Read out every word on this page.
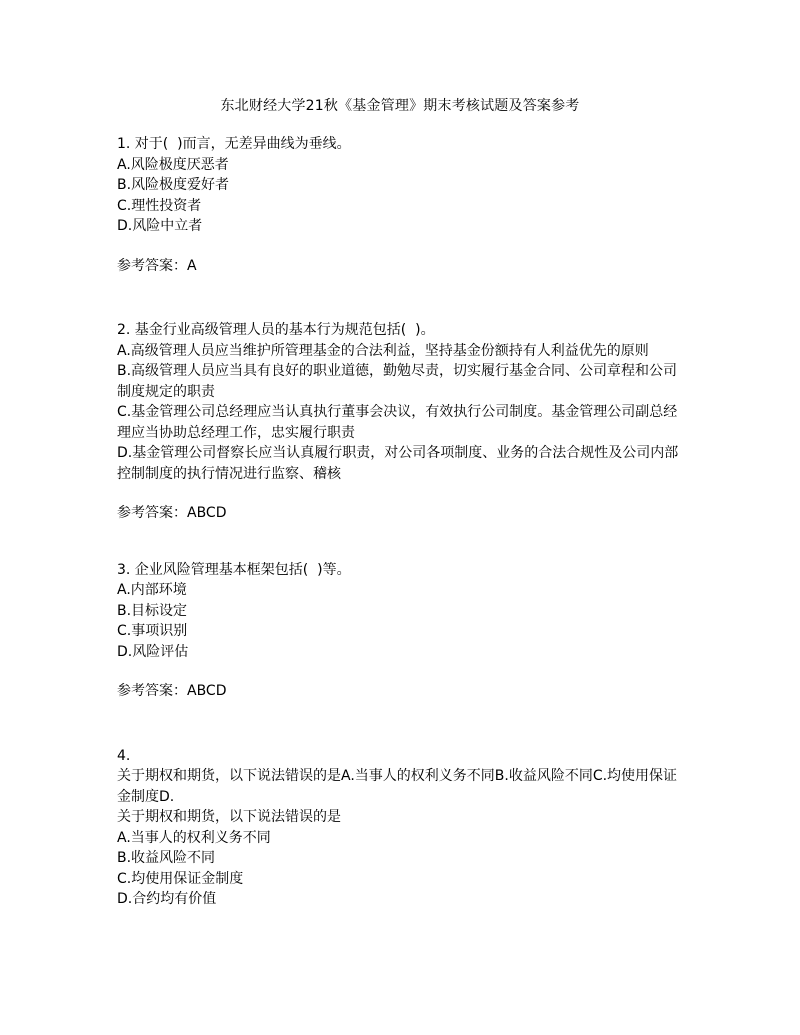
东北财经大学21秋《基金管理》期末考核试题及答案参考
1. 对于(  )而言，无差异曲线为垂线。
A.风险极度厌恶者
B.风险极度爱好者
C.理性投资者
D.风险中立者
参考答案：A
2. 基金行业高级管理人员的基本行为规范包括(  )。
A.高级管理人员应当维护所管理基金的合法利益，坚持基金份额持有人利益优先的原则
B.高级管理人员应当具有良好的职业道德，勤勉尽责，切实履行基金合同、公司章程和公司制度规定的职责
C.基金管理公司总经理应当认真执行董事会决议，有效执行公司制度。基金管理公司副总经理应当协助总经理工作，忠实履行职责
D.基金管理公司督察长应当认真履行职责，对公司各项制度、业务的合法合规性及公司内部控制制度的执行情况进行监察、稽核
参考答案：ABCD
3. 企业风险管理基本框架包括(  )等。
A.内部环境
B.目标设定
C.事项识别
D.风险评估
参考答案：ABCD
4.
关于期权和期货，以下说法错误的是A.当事人的权利义务不同B.收益风险不同C.均使用保证金制度D.
关于期权和期货，以下说法错误的是
A.当事人的权利义务不同
B.收益风险不同
C.均使用保证金制度
D.合约均有价值
